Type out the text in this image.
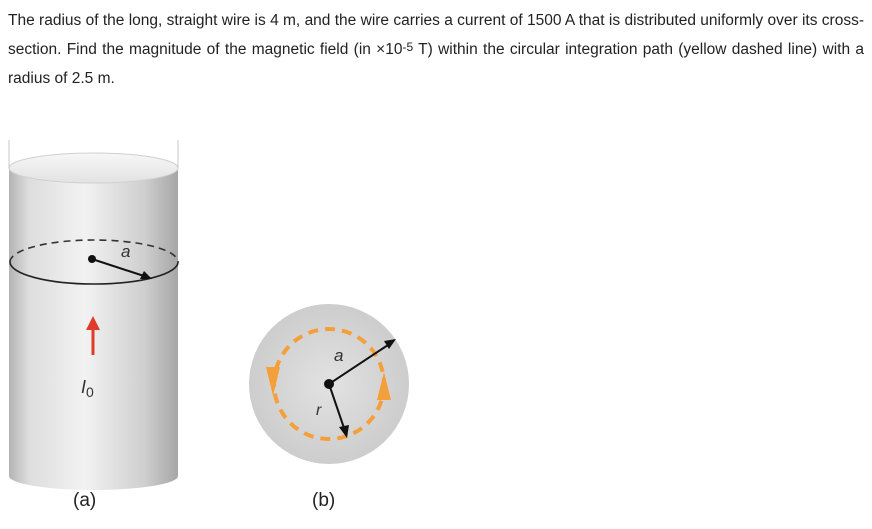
The radius of the long, straight wire is 4 m, and the wire carries a current of 1500 A that is distributed uniformly over its cross-section. Find the magnitude of the magnetic field ($in \times 10^{-5}$ T) within the circular integration path (yellow dashed line) with a radius of 2.5 m.
a
$I_0$
a
r
(a)	(b)
